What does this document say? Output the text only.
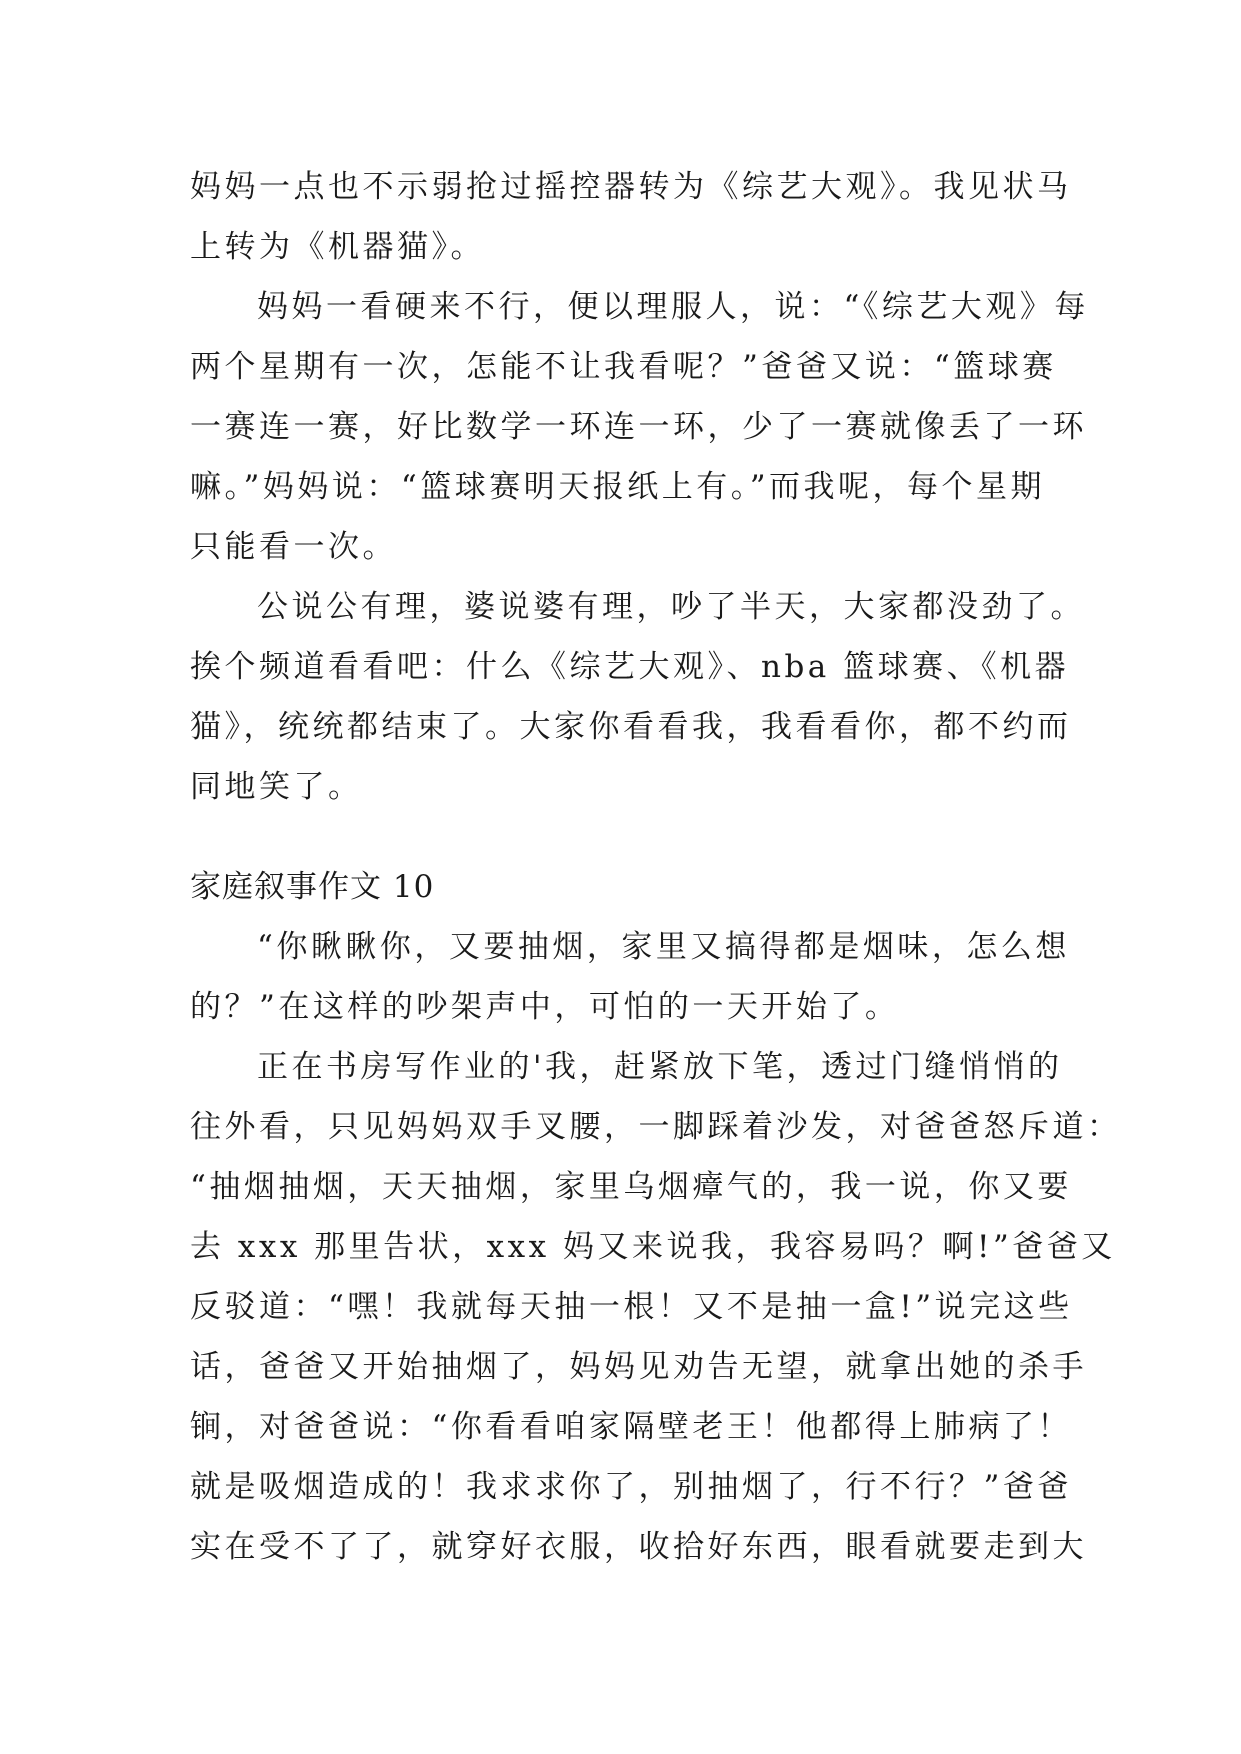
妈妈一点也不示弱抢过摇控器转为《综艺大观》。我见状马
上转为《机器猫》。
妈妈一看硬来不行，便以理服人，说：“《综艺大观》每
两个星期有一次，怎能不让我看呢？”爸爸又说：“篮球赛
一赛连一赛，好比数学一环连一环，少了一赛就像丢了一环
嘛。”妈妈说：“篮球赛明天报纸上有。”而我呢，每个星期
只能看一次。
公说公有理，婆说婆有理，吵了半天，大家都没劲了。
挨个频道看看吧：什么《综艺大观》、nba 篮球赛、《机器
猫》，统统都结束了。大家你看看我，我看看你，都不约而
同地笑了。
家庭叙事作文 10
“你瞅瞅你，又要抽烟，家里又搞得都是烟味，怎么想
的？”在这样的吵架声中，可怕的一天开始了。
正在书房写作业的'我，赶紧放下笔，透过门缝悄悄的
往外看，只见妈妈双手叉腰，一脚踩着沙发，对爸爸怒斥道：
“抽烟抽烟，天天抽烟，家里乌烟瘴气的，我一说，你又要
去 xxx 那里告状，xxx 妈又来说我，我容易吗？啊!”爸爸又
反驳道：“嘿！我就每天抽一根！又不是抽一盒!”说完这些
话，爸爸又开始抽烟了，妈妈见劝告无望，就拿出她的杀手
锏，对爸爸说：“你看看咱家隔壁老王！他都得上肺病了！
就是吸烟造成的！我求求你了，别抽烟了，行不行？”爸爸
实在受不了了，就穿好衣服，收拾好东西，眼看就要走到大
